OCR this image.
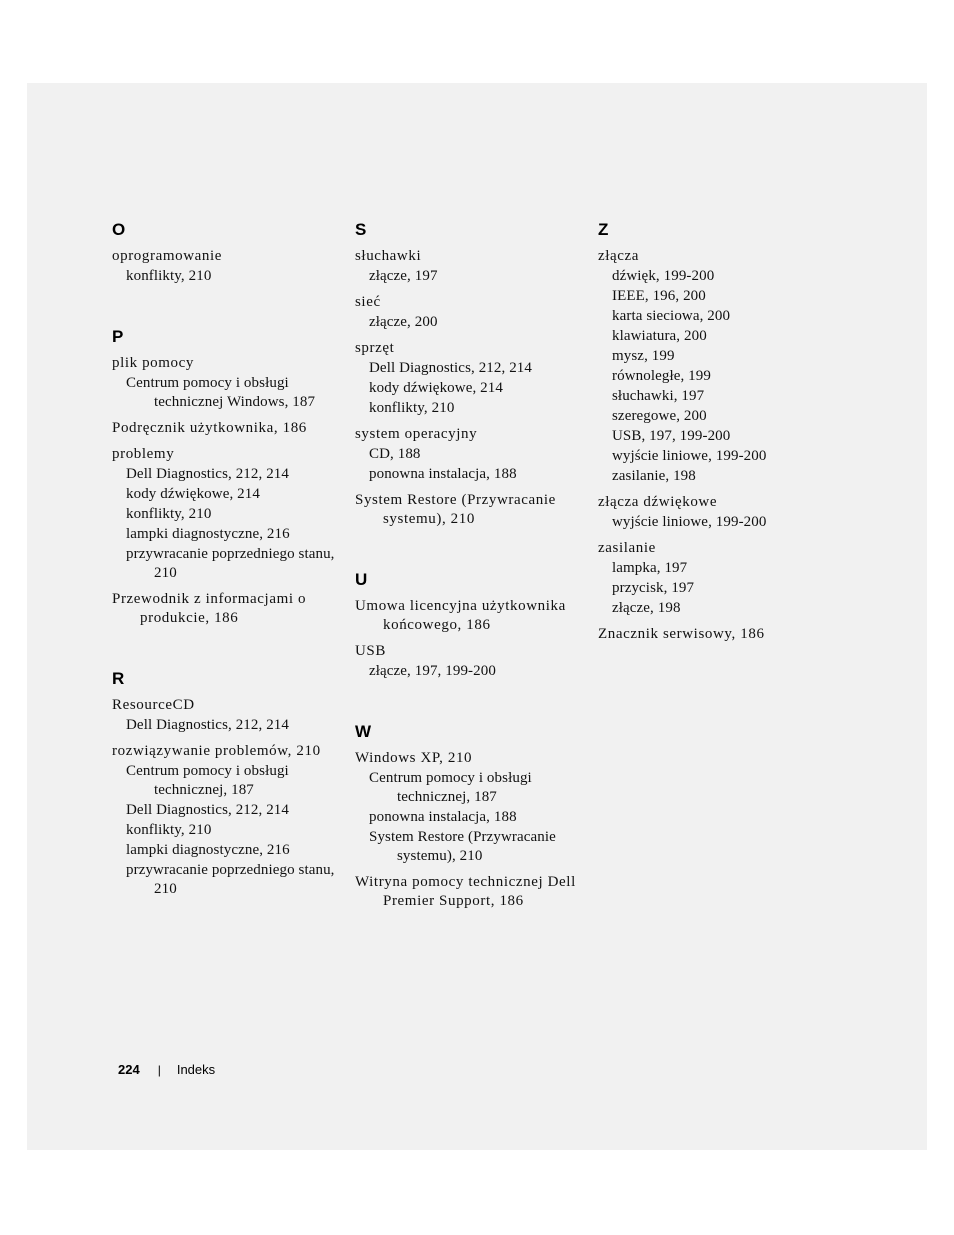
O
oprogramowanie
konflikty, 210
P
plik pomocy
Centrum pomocy i obsługi technicznej Windows, 187
Podręcznik użytkownika, 186
problemy
Dell Diagnostics, 212, 214
kody dźwiękowe, 214
konflikty, 210
lampki diagnostyczne, 216
przywracanie poprzedniego stanu, 210
Przewodnik z informacjami o produkcie, 186
R
ResourceCD
Dell Diagnostics, 212, 214
rozwiązywanie problemów, 210
Centrum pomocy i obsługi technicznej, 187
Dell Diagnostics, 212, 214
konflikty, 210
lampki diagnostyczne, 216
przywracanie poprzedniego stanu, 210
S
słuchawki
złącze, 197
sieć
złącze, 200
sprzęt
Dell Diagnostics, 212, 214
kody dźwiękowe, 214
konflikty, 210
system operacyjny
CD, 188
ponowna instalacja, 188
System Restore (Przywracanie systemu), 210
U
Umowa licencyjna użytkownika końcowego, 186
USB
złącze, 197, 199-200
W
Windows XP, 210
Centrum pomocy i obsługi technicznej, 187
ponowna instalacja, 188
System Restore (Przywracanie systemu), 210
Witryna pomocy technicznej Dell Premier Support, 186
Z
złącza
dźwięk, 199-200
IEEE, 196, 200
karta sieciowa, 200
klawiatura, 200
mysz, 199
równoległe, 199
słuchawki, 197
szeregowe, 200
USB, 197, 199-200
wyjście liniowe, 199-200
zasilanie, 198
złącza dźwiękowe
wyjście liniowe, 199-200
zasilanie
lampka, 197
przycisk, 197
złącze, 198
Znacznik serwisowy, 186
224 | Indeks
